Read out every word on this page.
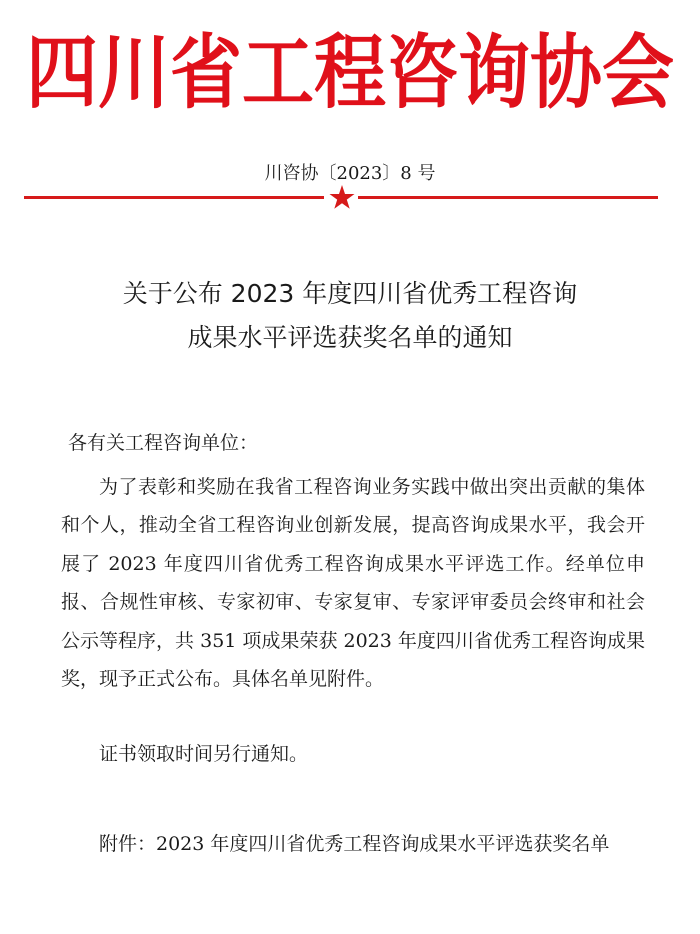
四川省工程咨询协会
川咨协〔2023〕8 号
关于公布 2023 年度四川省优秀工程咨询
成果水平评选获奖名单的通知
各有关工程咨询单位：
为了表彰和奖励在我省工程咨询业务实践中做出突出贡献的集体和个人，推动全省工程咨询业创新发展，提高咨询成果水平，我会开展了 2023 年度四川省优秀工程咨询成果水平评选工作。经单位申报、合规性审核、专家初审、专家复审、专家评审委员会终审和社会公示等程序，共 351 项成果荣获 2023 年度四川省优秀工程咨询成果奖，现予正式公布。具体名单见附件。
证书领取时间另行通知。
附件：2023 年度四川省优秀工程咨询成果水平评选获奖名单
